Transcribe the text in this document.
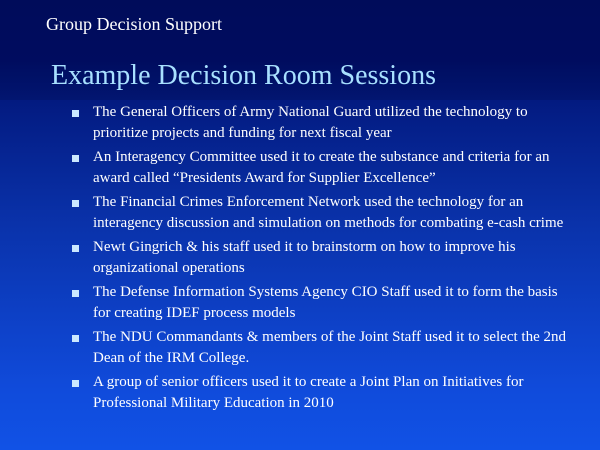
Group Decision Support
Example Decision Room Sessions
The General Officers of Army National Guard utilized the technology to prioritize projects and funding for next fiscal year
An Interagency Committee used it to create the substance and criteria for an award called “Presidents Award for Supplier Excellence”
The Financial Crimes Enforcement Network used the technology for an interagency discussion and simulation on methods for combating e-cash crime
Newt Gingrich & his staff used it to brainstorm on how to improve his organizational operations
The Defense Information Systems Agency CIO Staff used it to form the basis for creating IDEF process models
The NDU Commandants & members of the Joint Staff used it to select the 2nd Dean of the IRM College.
A group of senior officers used it to create a Joint Plan on Initiatives for Professional Military Education in 2010
